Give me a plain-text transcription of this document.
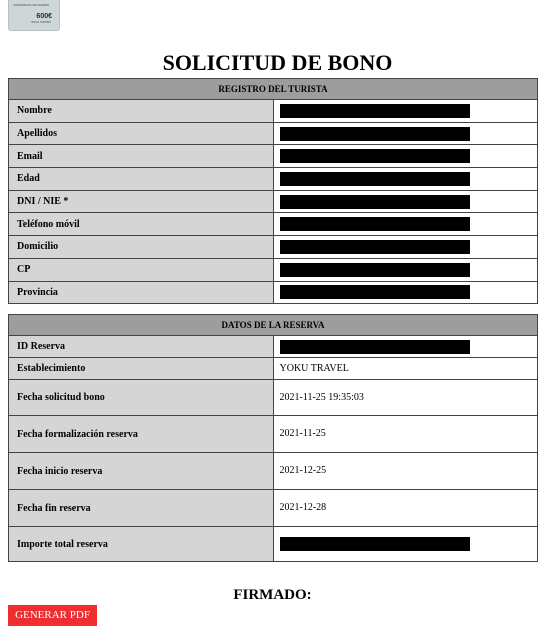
COMUNIDAD DE MADRID
600€
BONO TURISMO
SOLICITUD DE BONO
REGISTRO DEL TURISTA	
Nombre	

Apellidos	

Email	

Edad	

DNI / NIE *	

Teléfono móvil	

Domicilio	

CP	

Provincia	
DATOS DE LA RESERVA	
ID Reserva	

Establecimiento	YOKU TRAVEL
Fecha solicitud bono	2021-11-25 19:35:03
Fecha formalización reserva	2021-11-25
Fecha inicio reserva	2021-12-25
Fecha fin reserva	2021-12-28
Importe total reserva	
FIRMADO:
GENERAR PDF
